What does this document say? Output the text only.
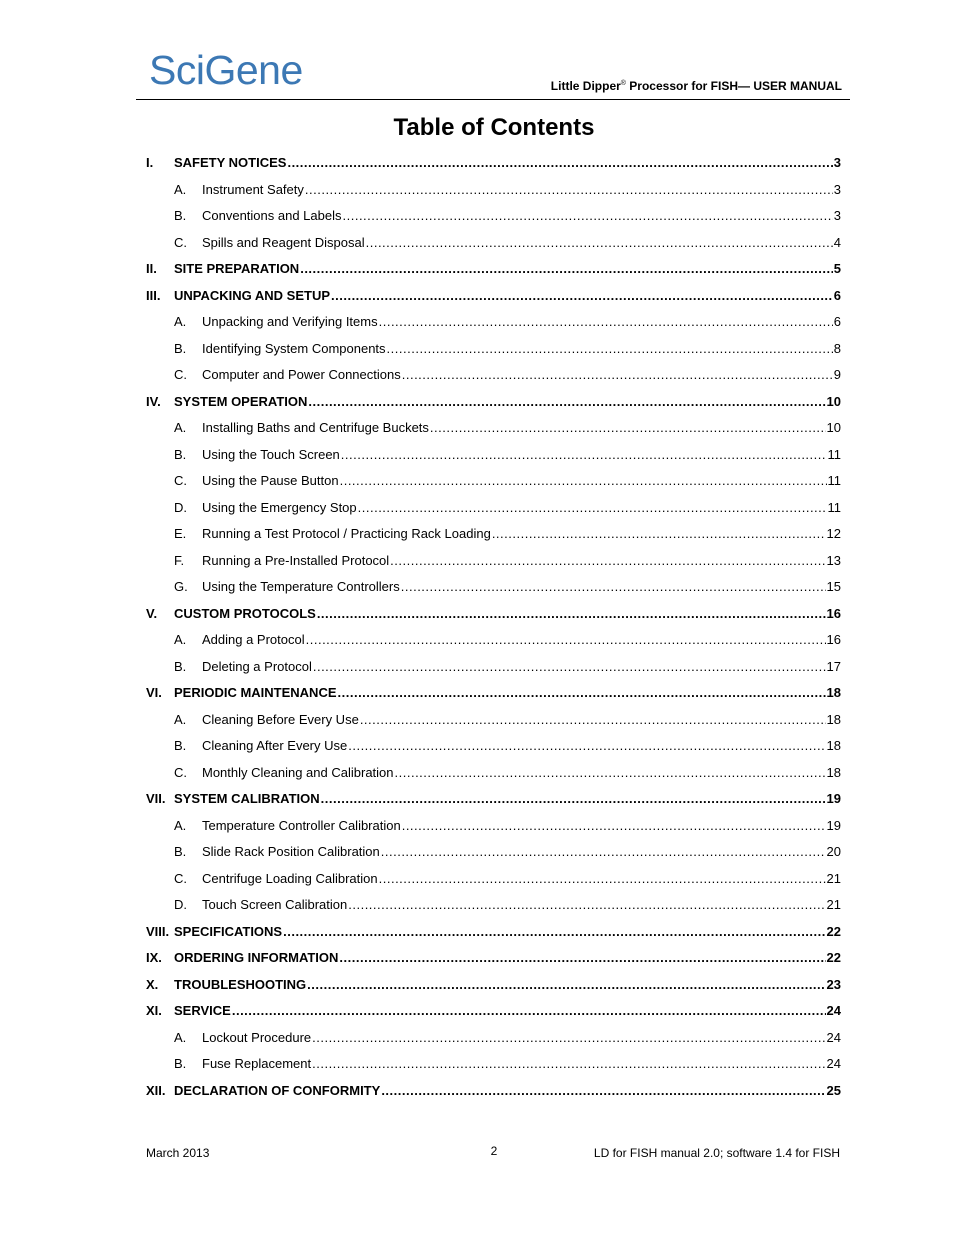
SciGene	Little Dipper® Processor for FISH— USER MANUAL
Table of Contents
I.	SAFETY NOTICES .....	3
A.	Instrument Safety .....	3
B.	Conventions and Labels .....	3
C.	Spills and Reagent Disposal .....	4
II.	SITE PREPARATION .....	5
III.	UNPACKING AND SETUP .....	6
A.	Unpacking and Verifying Items .....	6
B.	Identifying System Components .....	8
C.	Computer and Power Connections .....	9
IV.	SYSTEM OPERATION .....	10
A.	Installing Baths and Centrifuge Buckets .....	10
B.	Using the Touch Screen .....	11
C.	Using the Pause Button .....	11
D.	Using the Emergency Stop .....	11
E.	Running a Test Protocol / Practicing Rack Loading .....	12
F.	Running a Pre-Installed Protocol .....	13
G.	Using the Temperature Controllers .....	15
V.	CUSTOM PROTOCOLS .....	16
A.	Adding a Protocol .....	16
B.	Deleting a Protocol .....	17
VI. PERIODIC MAINTENANCE .....	18
A.	Cleaning Before Every Use .....	18
B.	Cleaning After Every Use .....	18
C.	Monthly Cleaning and Calibration .....	18
VII. SYSTEM CALIBRATION .....	19
A.	Temperature Controller Calibration .....	19
B.	Slide Rack Position Calibration .....	20
C.	Centrifuge Loading Calibration .....	21
D.	Touch Screen Calibration .....	21
VIII. SPECIFICATIONS .....	22
IX. ORDERING INFORMATION .....	22
X.	TROUBLESHOOTING .....	23
XI. SERVICE .....	24
A.	Lockout Procedure .....	24
B.	Fuse Replacement .....	24
XII. DECLARATION OF CONFORMITY .....	25
March 2013	2	LD for FISH manual 2.0; software 1.4 for FISH
